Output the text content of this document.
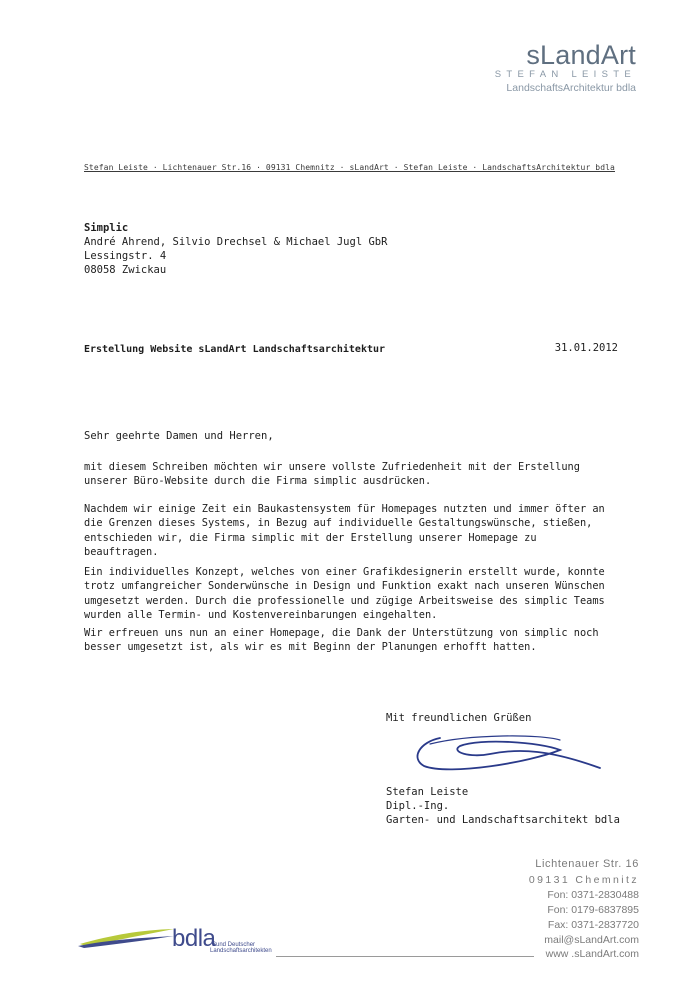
sLandArt
STEFAN LEISTE
LandschaftsArchitektur bdla
Stefan Leiste · Lichtenauer Str.16 · 09131 Chemnitz · sLandArt · Stefan Leiste · LandschaftsArchitektur bdla
Simplic
André Ahrend, Silvio Drechsel & Michael Jugl GbR
Lessingstr. 4
08058 Zwickau
Erstellung Website sLandArt Landschaftsarchitektur	31.01.2012
Sehr geehrte Damen und Herren,
mit diesem Schreiben möchten wir unsere vollste Zufriedenheit mit der Erstellung
unserer Büro-Website durch die Firma simplic ausdrücken.
Nachdem wir einige Zeit ein Baukastensystem für Homepages nutzten und immer öfter an
die Grenzen dieses Systems, in Bezug auf individuelle Gestaltungswünsche, stießen,
entschieden wir, die Firma simplic mit der Erstellung unserer Homepage zu
beauftragen.
Ein individuelles Konzept, welches von einer Grafikdesignerin erstellt wurde, konnte
trotz umfangreicher Sonderwünsche in Design und Funktion exakt nach unseren Wünschen
umgesetzt werden. Durch die professionelle und zügige Arbeitsweise des simplic Teams
wurden alle Termin- und Kostenvereinbarungen eingehalten.
Wir erfreuen uns nun an einer Homepage, die Dank der Unterstützung von simplic noch
besser umgesetzt ist, als wir es mit Beginn der Planungen erhofft hatten.
Mit freundlichen Grüßen
Stefan Leiste
Dipl.-Ing.
Garten- und Landschaftsarchitekt bdla
Lichtenauer Str. 16
09131 Chemnitz
Fon: 0371-2830488
Fon: 0179-6837895
Fax: 0371-2837720
mail@sLandArt.com
www .sLandArt.com
bdla
Bund Deutscher
Landschaftsarchitekten
